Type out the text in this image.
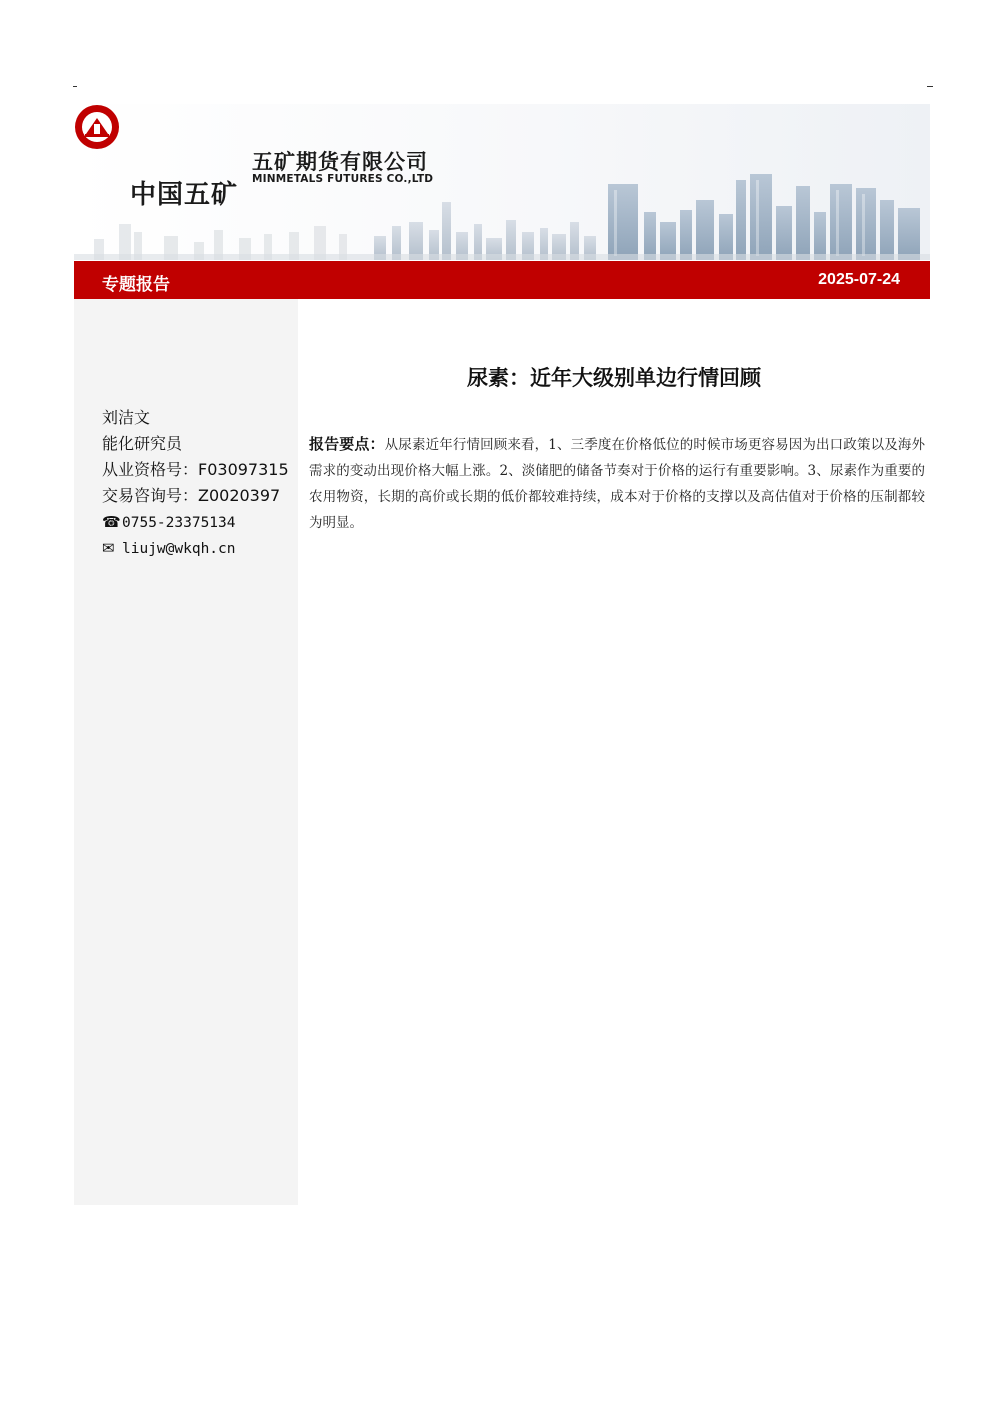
中国五矿
五矿期货有限公司
MINMETALS FUTURES CO.,LTD
专题报告	2025-07-24
刘洁文
能化研究员
从业资格号：F03097315
交易咨询号：Z0020397
☎0755-23375134
✉ liujw@wkqh.cn
尿素：近年大级别单边行情回顾
报告要点：从尿素近年行情回顾来看，1、三季度在价格低位的时候市场更容易因为出口政策以及海外需求的变动出现价格大幅上涨。2、淡储肥的储备节奏对于价格的运行有重要影响。3、尿素作为重要的农用物资，长期的高价或长期的低价都较难持续，成本对于价格的支撑以及高估值对于价格的压制都较为明显。
